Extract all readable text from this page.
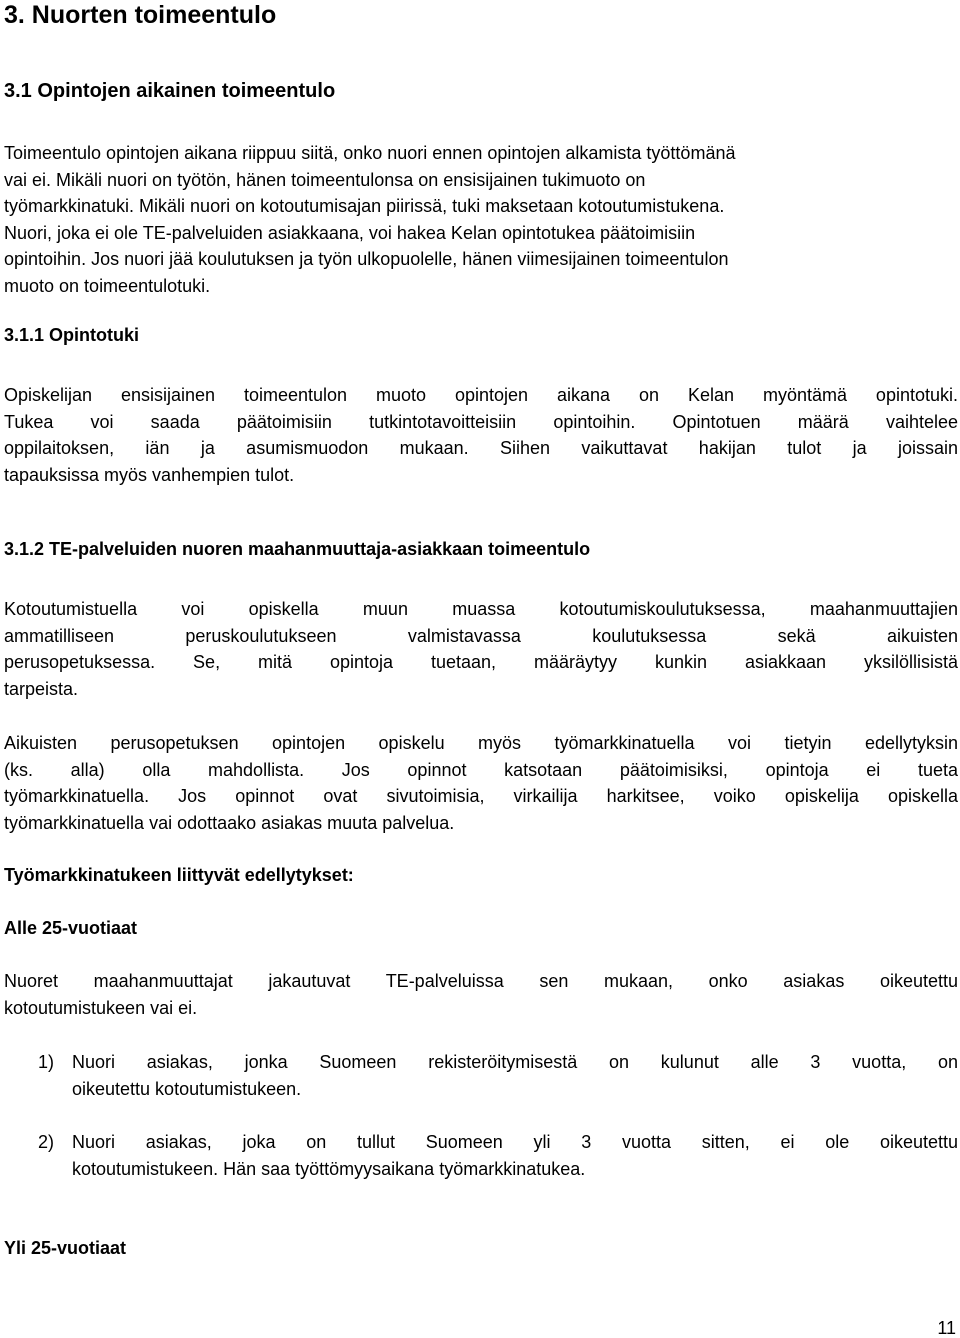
3. Nuorten toimeentulo
3.1 Opintojen aikainen toimeentulo
Toimeentulo opintojen aikana riippuu siitä, onko nuori ennen opintojen alkamista työttömänä
vai ei. Mikäli nuori on työtön, hänen toimeentulonsa on ensisijainen tukimuoto on
työmarkkinatuki. Mikäli nuori on kotoutumisajan piirissä, tuki maksetaan kotoutumistukena.
Nuori, joka ei ole TE-palveluiden asiakkaana, voi hakea Kelan opintotukea päätoimisiin
opintoihin. Jos nuori jää koulutuksen ja työn ulkopuolelle, hänen viimesijainen toimeentulon
muoto on toimeentulotuki.
3.1.1 Opintotuki
Opiskelijan ensisijainen toimeentulon muoto opintojen aikana on Kelan myöntämä opintotuki.
Tukea voi saada päätoimisiin tutkintotavoitteisiin opintoihin. Opintotuen määrä vaihtelee
oppilaitoksen, iän ja asumismuodon mukaan. Siihen vaikuttavat hakijan tulot ja joissain
tapauksissa myös vanhempien tulot.
3.1.2 TE-palveluiden nuoren maahanmuuttaja-asiakkaan toimeentulo
Kotoutumistuella voi opiskella muun muassa kotoutumiskoulutuksessa, maahanmuuttajien
ammatilliseen peruskoulutukseen valmistavassa koulutuksessa sekä aikuisten
perusopetuksessa. Se, mitä opintoja tuetaan, määräytyy kunkin asiakkaan yksilöllisistä
tarpeista.
Aikuisten perusopetuksen opintojen opiskelu myös työmarkkinatuella voi tietyin edellytyksin
(ks. alla) olla mahdollista. Jos opinnot katsotaan päätoimisiksi, opintoja ei tueta
työmarkkinatuella. Jos opinnot ovat sivutoimisia, virkailija harkitsee, voiko opiskelija opiskella
työmarkkinatuella vai odottaako asiakas muuta palvelua.
Työmarkkinatukeen liittyvät edellytykset:
Alle 25-vuotiaat
Nuoret maahanmuuttajat jakautuvat TE-palveluissa sen mukaan, onko asiakas oikeutettu
kotoutumistukeen vai ei.
1) Nuori asiakas, jonka Suomeen rekisteröitymisestä on kulunut alle 3 vuotta, on
oikeutettu kotoutumistukeen.
2) Nuori asiakas, joka on tullut Suomeen yli 3 vuotta sitten, ei ole oikeutettu
kotoutumistukeen. Hän saa työttömyysaikana työmarkkinatukea.
Yli 25-vuotiaat
11
